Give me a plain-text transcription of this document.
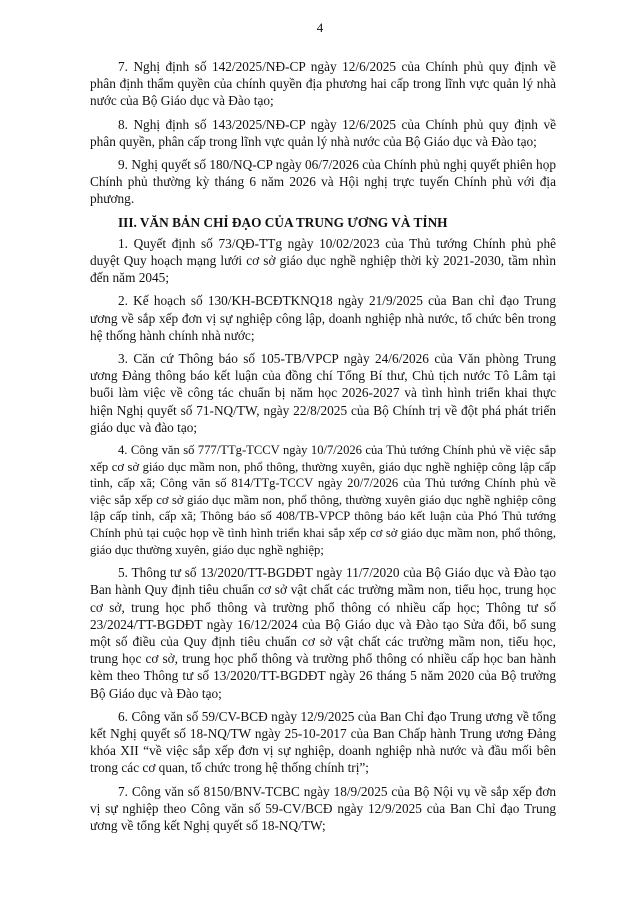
4

7. Nghị định số 142/2025/NĐ-CP ngày 12/6/2025 của Chính phủ quy định về phân định thẩm quyền của chính quyền địa phương hai cấp trong lĩnh vực quản lý nhà nước của Bộ Giáo dục và Đào tạo;

8. Nghị định số 143/2025/NĐ-CP ngày 12/6/2025 của Chính phủ quy định về phân quyền, phân cấp trong lĩnh vực quản lý nhà nước của Bộ Giáo dục và Đào tạo;

9. Nghị quyết số 180/NQ-CP ngày 06/7/2026 của Chính phủ nghị quyết phiên họp Chính phủ thường kỳ tháng 6 năm 2026 và Hội nghị trực tuyến Chính phủ với địa phương.

III. VĂN BẢN CHỈ ĐẠO CỦA TRUNG ƯƠNG VÀ TỈNH

1. Quyết định số 73/QĐ-TTg ngày 10/02/2023 của Thủ tướng Chính phủ phê duyệt Quy hoạch mạng lưới cơ sở giáo dục nghề nghiệp thời kỳ 2021-2030, tầm nhìn đến năm 2045;

2. Kế hoạch số 130/KH-BCĐTKNQ18 ngày 21/9/2025 của Ban chỉ đạo Trung ương về sắp xếp đơn vị sự nghiệp công lập, doanh nghiệp nhà nước, tổ chức bên trong hệ thống hành chính nhà nước;

3. Căn cứ Thông báo số 105-TB/VPCP ngày 24/6/2026 của Văn phòng Trung ương Đảng thông báo kết luận của đồng chí Tổng Bí thư, Chủ tịch nước Tô Lâm tại buổi làm việc về công tác chuẩn bị năm học 2026-2027 và tình hình triển khai thực hiện Nghị quyết số 71-NQ/TW, ngày 22/8/2025 của Bộ Chính trị về đột phá phát triển giáo dục và đào tạo;

4. Công văn số 777/TTg-TCCV ngày 10/7/2026 của Thủ tướng Chính phủ về việc sắp xếp cơ sở giáo dục mầm non, phổ thông, thường xuyên, giáo dục nghề nghiệp công lập cấp tỉnh, cấp xã; Công văn số 814/TTg-TCCV ngày 20/7/2026 của Thủ tướng Chính phủ về việc sắp xếp cơ sở giáo dục mầm non, phổ thông, thường xuyên giáo dục nghề nghiệp công lập cấp tỉnh, cấp xã; Thông báo số 408/TB-VPCP thông báo kết luận của Phó Thủ tướng Chính phủ tại cuộc họp về tình hình triển khai sắp xếp cơ sở giáo dục mầm non, phổ thông, giáo dục thường xuyên, giáo dục nghề nghiệp;

5. Thông tư số 13/2020/TT-BGDĐT ngày 11/7/2020 của Bộ Giáo dục và Đào tạo Ban hành Quy định tiêu chuẩn cơ sở vật chất các trường mầm non, tiểu học, trung học cơ sở, trung học phổ thông và trường phổ thông có nhiều cấp học; Thông tư số 23/2024/TT-BGDĐT ngày 16/12/2024 của Bộ Giáo dục và Đào tạo Sửa đổi, bổ sung một số điều của Quy định tiêu chuẩn cơ sở vật chất các trường mầm non, tiểu học, trung học cơ sở, trung học phổ thông và trường phổ thông có nhiều cấp học ban hành kèm theo Thông tư số 13/2020/TT-BGDĐT ngày 26 tháng 5 năm 2020 của Bộ trưởng Bộ Giáo dục và Đào tạo;

6. Công văn số 59/CV-BCĐ ngày 12/9/2025 của Ban Chỉ đạo Trung ương về tổng kết Nghị quyết số 18-NQ/TW ngày 25-10-2017 của Ban Chấp hành Trung ương Đảng khóa XII “về việc sắp xếp đơn vị sự nghiệp, doanh nghiệp nhà nước và đầu mối bên trong các cơ quan, tổ chức trong hệ thống chính trị”;

7. Công văn số 8150/BNV-TCBC ngày 18/9/2025 của Bộ Nội vụ về sắp xếp đơn vị sự nghiệp theo Công văn số 59-CV/BCĐ ngày 12/9/2025 của Ban Chỉ đạo Trung ương về tổng kết Nghị quyết số 18-NQ/TW;
